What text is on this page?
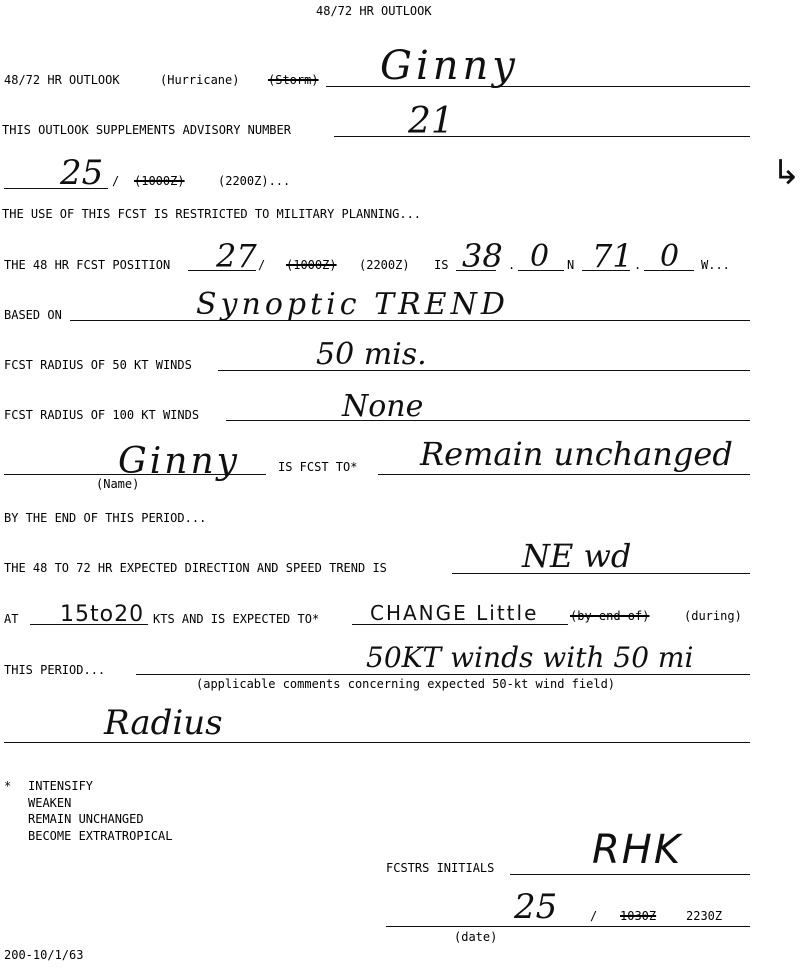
48/72 HR OUTLOOK
48/72 HR OUTLOOK	(Hurricane) (Storm) Ginny
THIS OUTLOOK SUPPLEMENTS ADVISORY NUMBER	21
25 / (1000Z)	(2200Z)...	↳
THE USE OF THIS FCST IS RESTRICTED TO MILITARY PLANNING...
THE 48 HR FCST POSITION 27 / (1000Z) (2200Z) IS 38 . 0 N 71 . 0 W...
BASED ON	Synoptic TREND
FCST RADIUS OF 50 KT WINDS	50 mis.
FCST RADIUS OF 100 KT WINDS	None
Ginny
(Name)
IS FCST TO* Remain unchanged
BY THE END OF THIS PERIOD...
THE 48 TO 72 HR EXPECTED DIRECTION AND SPEED TREND IS	NE wd
AT 15to20 KTS AND IS EXPECTED TO*	CHANGE Little	(by end of)	(during)
THIS PERIOD...	50KT winds with 50 mi
(applicable comments concerning expected 50-kt wind field)
Radius
* INTENSIFY
WEAKEN
REMAIN UNCHANGED
BECOME EXTRATROPICAL
FCSTRS INITIALS RHK
25	/ 1030Z 2230Z
(date)
200-10/1/63
